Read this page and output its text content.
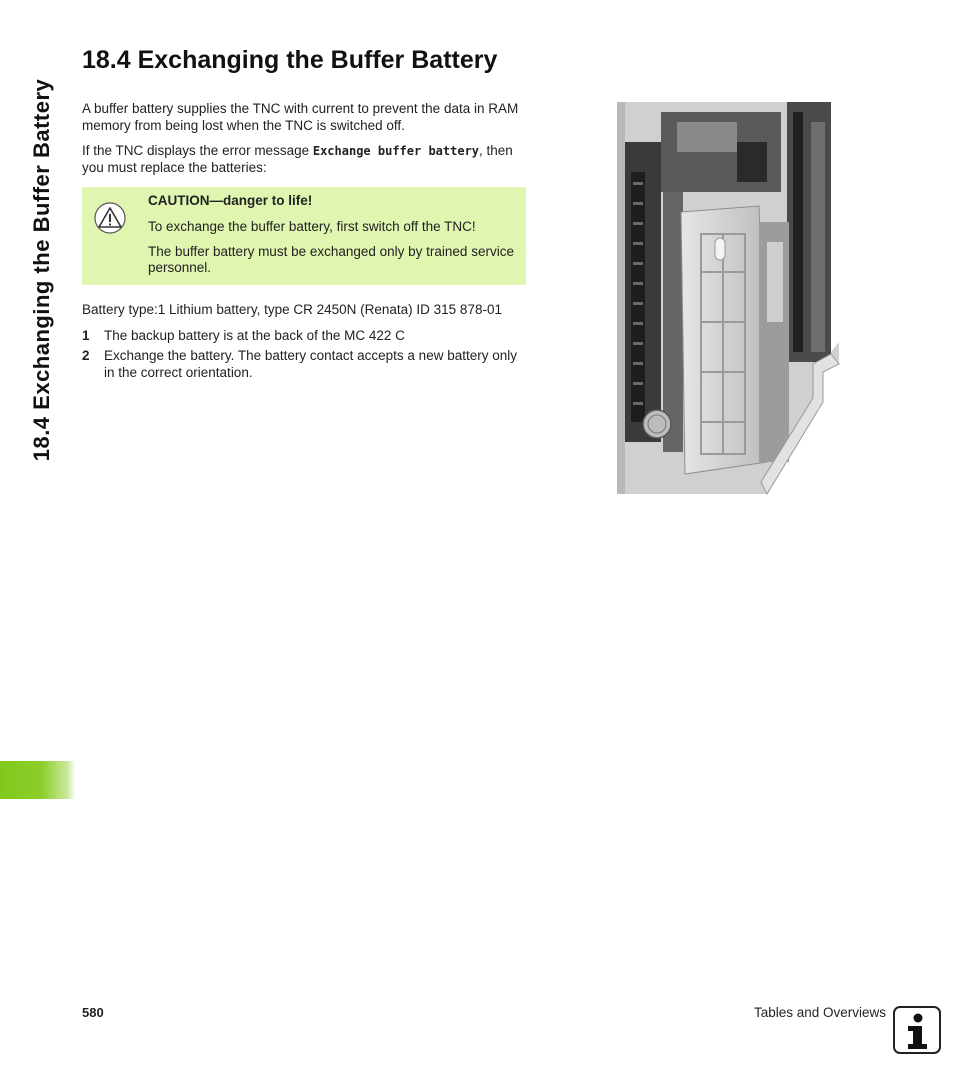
18.4 Exchanging the Buffer Battery
18.4 Exchanging the Buffer Battery

A buffer battery supplies the TNC with current to prevent the data in RAM memory from being lost when the TNC is switched off.

If the TNC displays the error message Exchange buffer battery, then you must replace the batteries:

CAUTION—danger to life!

To exchange the buffer battery, first switch off the TNC!

The buffer battery must be exchanged only by trained service personnel.

Battery type:1 Lithium battery, type CR 2450N (Renata) ID 315 878-01

1 The backup battery is at the back of the MC 422 C
2 Exchange the battery. The battery contact accepts a new battery only in the correct orientation.
580	Tables and Overviews
